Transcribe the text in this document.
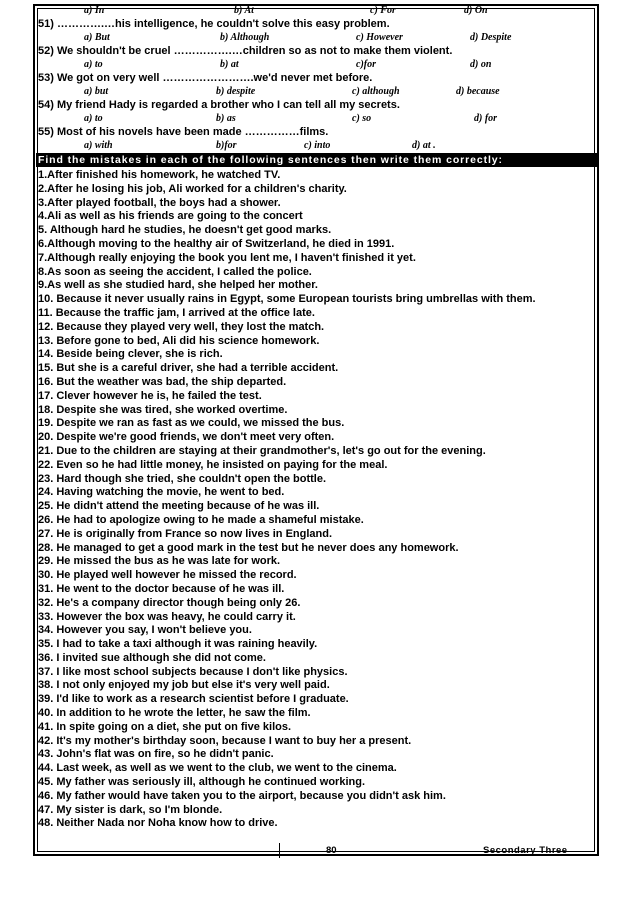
a) In	b) At	c) For	d) On
51) ………….…his intelligence, he couldn't solve this easy problem.
a) But	b) Although	c) However	d) Despite
52) We shouldn't be cruel …………….…children so as not to make them violent.
a) to	b) at	c)for	d) on
53) We got on very well …………………….we'd never met before.
a) but	b) despite	c) although	d) because
54) My friend Hady is regarded a brother who I can tell all my secrets.
a) to	b) as	c) so	d) for
55) Most of his novels have been made ……………films.
a) with	b)for	c) into	d) at .
Find the mistakes in each of the following sentences then write them correctly:
1.After finished his homework, he watched TV.
2.After he losing his job, Ali worked for a children's charity.
3.After played football, the boys had a shower.
4.Ali as well as his friends are going to the concert
5. Although hard he studies, he doesn't get good marks.
6.Although moving to the healthy air of Switzerland, he died in 1991.
7.Although really enjoying the book you lent me, I haven't finished it yet.
8.As soon as seeing the accident, I called the police.
9.As well as she studied hard, she helped her mother.
10. Because it never usually rains in Egypt, some European tourists bring umbrellas with them.
11. Because the traffic jam, I arrived at the office late.
12. Because they played very well, they lost the match.
13. Before gone to bed, Ali did his science homework.
14. Beside being clever, she is rich.
15. But she is a careful driver, she had a terrible accident.
16. But the weather was bad, the ship departed.
17. Clever however he is, he failed the test.
18. Despite she was tired, she worked overtime.
19. Despite we ran as fast as we could, we missed the bus.
20. Despite we're good friends, we don't meet very often.
21. Due to the children are staying at their grandmother's, let's go out for the evening.
22. Even so he had little money, he insisted on paying for the meal.
23. Hard though she tried, she couldn't open the bottle.
24. Having watching the movie, he went to bed.
25. He didn't attend the meeting because of he was ill.
26. He had to apologize owing to he made a shameful mistake.
27. He is originally from France so now lives in England.
28. He managed to get a good mark in the test but he never does any homework.
29. He missed the bus as he was late for work.
30. He played well however he missed the record.
31. He went to the doctor because of he was ill.
32. He's a company director though being only 26.
33. However the box was heavy, he could carry it.
34. However you say, I won't believe you.
35. I had to take a taxi although it was raining heavily.
36. I invited sue although she did not come.
37. I like most school subjects because I don't like physics.
38. I not only enjoyed my job but else it's very well paid.
39. I'd like to work as a research scientist before I graduate.
40. In addition to he wrote the letter, he saw the film.
41. In spite going on a diet, she put on five kilos.
42. It's my mother's birthday soon, because I want to buy her a present.
43. John's flat was on fire, so he didn't panic.
44. Last week, as well as we went to the club, we went to the cinema.
45. My father was seriously ill, although he continued working.
46. My father would have taken you to the airport, because you didn't ask him.
47. My sister is dark, so I'm blonde.
48. Neither Nada nor Noha know how to drive.
80	Secondary Three
